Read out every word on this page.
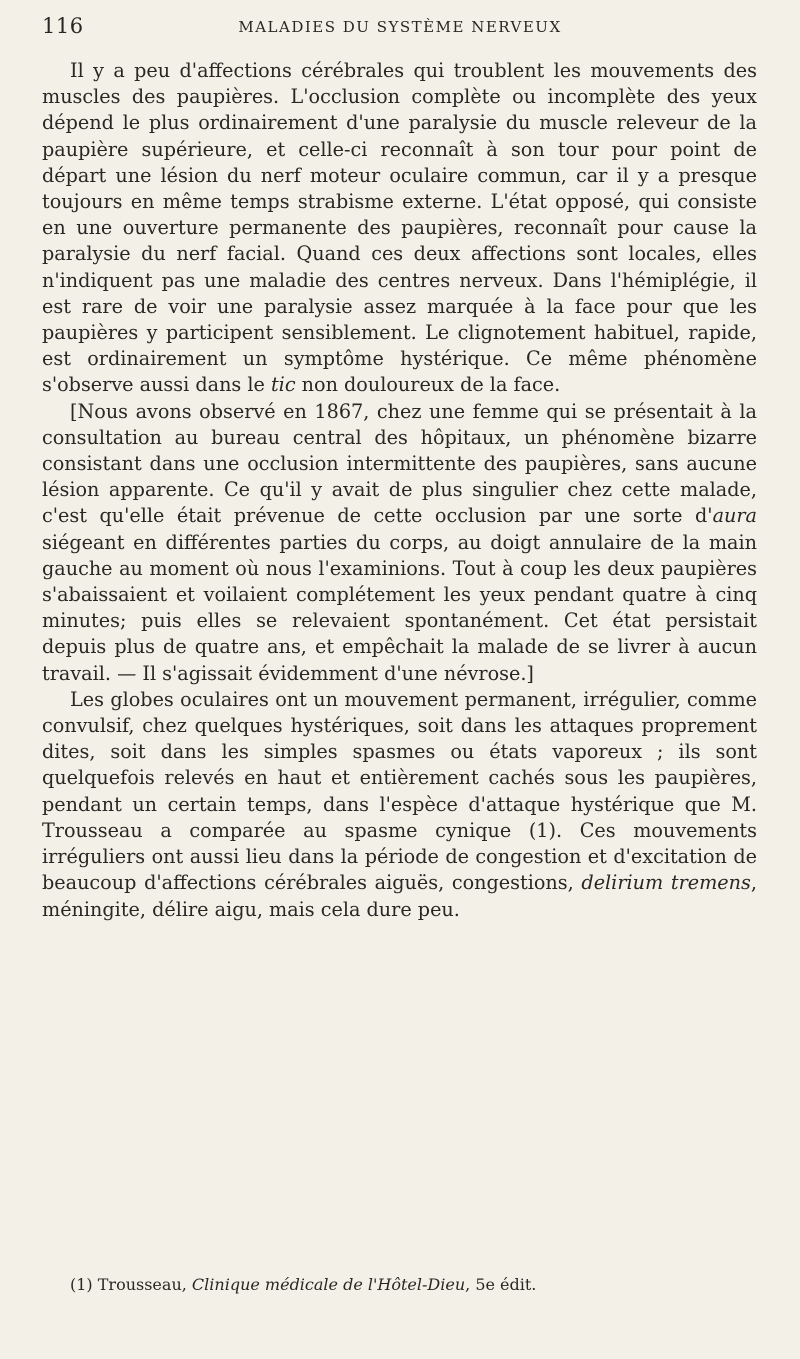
116	MALADIES DU SYSTÈME NERVEUX

Il y a peu d'affections cérébrales qui troublent les mouvements des muscles des paupières. L'occlusion complète ou incomplète des yeux dépend le plus ordinairement d'une paralysie du muscle releveur de la paupière supérieure, et celle-ci reconnaît à son tour pour point de départ une lésion du nerf moteur oculaire commun, car il y a presque toujours en même temps strabisme externe. L'état opposé, qui consiste en une ouverture permanente des paupières, reconnaît pour cause la paralysie du nerf facial. Quand ces deux affections sont locales, elles n'indiquent pas une maladie des centres nerveux. Dans l'hémiplégie, il est rare de voir une paralysie assez marquée à la face pour que les paupières y participent sensiblement. Le clignotement habituel, rapide, est ordinairement un symptôme hystérique. Ce même phénomène s'observe aussi dans le tic non douloureux de la face.

[Nous avons observé en 1867, chez une femme qui se présentait à la consultation au bureau central des hôpitaux, un phénomène bizarre consistant dans une occlusion intermittente des paupières, sans aucune lésion apparente. Ce qu'il y avait de plus singulier chez cette malade, c'est qu'elle était prévenue de cette occlusion par une sorte d'aura siégeant en différentes parties du corps, au doigt annulaire de la main gauche au moment où nous l'examinions. Tout à coup les deux paupières s'abaissaient et voilaient complétement les yeux pendant quatre à cinq minutes; puis elles se relevaient spontanément. Cet état persistait depuis plus de quatre ans, et empêchait la malade de se livrer à aucun travail. — Il s'agissait évidemment d'une névrose.]

Les globes oculaires ont un mouvement permanent, irrégulier, comme convulsif, chez quelques hystériques, soit dans les attaques proprement dites, soit dans les simples spasmes ou états vaporeux ; ils sont quelquefois relevés en haut et entièrement cachés sous les paupières, pendant un certain temps, dans l'espèce d'attaque hystérique que M. Trousseau a comparée au spasme cynique (1). Ces mouvements irréguliers ont aussi lieu dans la période de congestion et d'excitation de beaucoup d'affections cérébrales aiguës, congestions, delirium tremens, méningite, délire aigu, mais cela dure peu.

(1) Trousseau, Clinique médicale de l'Hôtel-Dieu, 5e édit.
